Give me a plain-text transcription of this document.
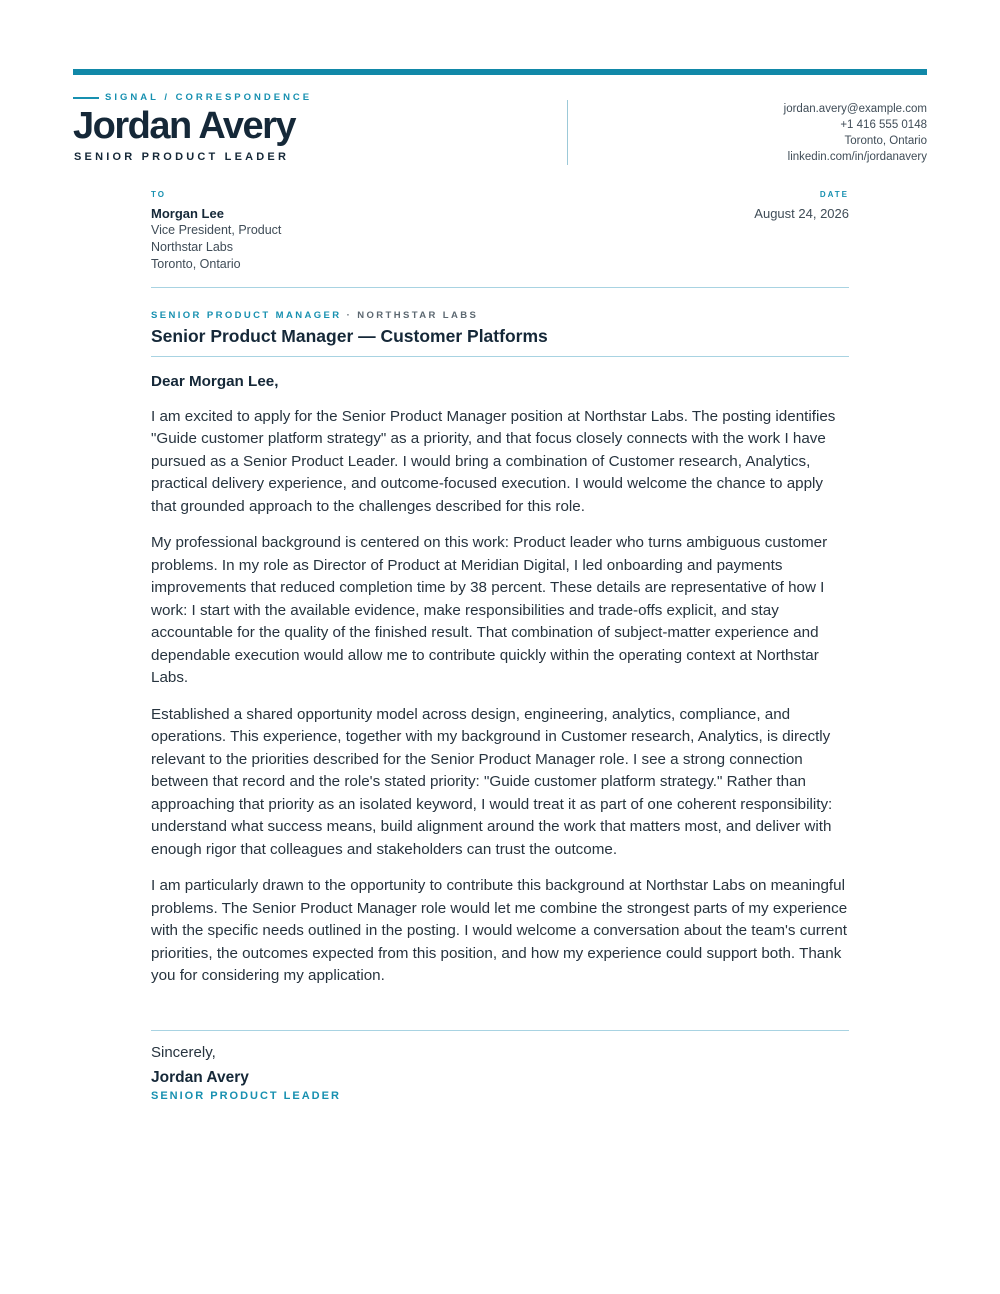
SIGNAL / CORRESPONDENCE
Jordan Avery
SENIOR PRODUCT LEADER
jordan.avery@example.com
+1 416 555 0148
Toronto, Ontario
linkedin.com/in/jordanavery
TO
Morgan Lee
Vice President, Product
Northstar Labs
Toronto, Ontario
DATE
August 24, 2026
SENIOR PRODUCT MANAGER · NORTHSTAR LABS
Senior Product Manager — Customer Platforms
Dear Morgan Lee,

I am excited to apply for the Senior Product Manager position at Northstar Labs. The posting identifies "Guide customer platform strategy" as a priority, and that focus closely connects with the work I have pursued as a Senior Product Leader. I would bring a combination of Customer research, Analytics, practical delivery experience, and outcome-focused execution. I would welcome the chance to apply that grounded approach to the challenges described for this role.

My professional background is centered on this work: Product leader who turns ambiguous customer problems. In my role as Director of Product at Meridian Digital, I led onboarding and payments improvements that reduced completion time by 38 percent. These details are representative of how I work: I start with the available evidence, make responsibilities and trade-offs explicit, and stay accountable for the quality of the finished result. That combination of subject-matter experience and dependable execution would allow me to contribute quickly within the operating context at Northstar Labs.

Established a shared opportunity model across design, engineering, analytics, compliance, and operations. This experience, together with my background in Customer research, Analytics, is directly relevant to the priorities described for the Senior Product Manager role. I see a strong connection between that record and the role's stated priority: "Guide customer platform strategy." Rather than approaching that priority as an isolated keyword, I would treat it as part of one coherent responsibility: understand what success means, build alignment around the work that matters most, and deliver with enough rigor that colleagues and stakeholders can trust the outcome.

I am particularly drawn to the opportunity to contribute this background at Northstar Labs on meaningful problems. The Senior Product Manager role would let me combine the strongest parts of my experience with the specific needs outlined in the posting. I would welcome a conversation about the team's current priorities, the outcomes expected from this position, and how my experience could support both. Thank you for considering my application.

Sincerely,
Jordan Avery
SENIOR PRODUCT LEADER
